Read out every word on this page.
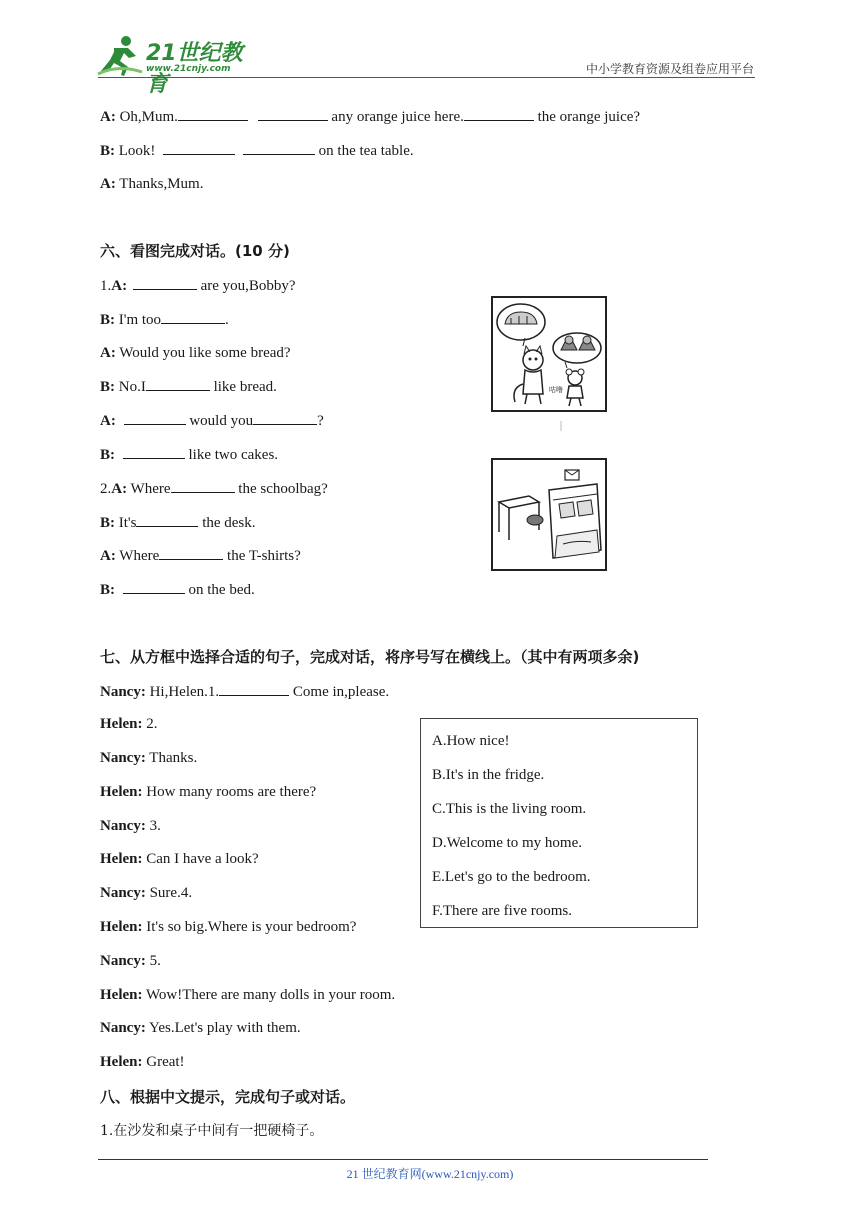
21世纪教育
www.21cnjy.com	中小学教育资源及组卷应用平台
A: Oh,Mum.	any orange juice here.	the orange juice?
B: Look!	on the tea table.
A: Thanks,Mum.
六、看图完成对话。(10 分)
1.A:	are you,Bobby?
B: I'm too	.
A: Would you like some bread?
B: No.I	like bread.
A:	would you	?
B:	like two cakes.
2.A: Where	the schoolbag?
B: It's	the desk.
A: Where	the T-shirts?
B:	on the bed.
咕噜
七、从方框中选择合适的句子，完成对话，将序号写在横线上。（其中有两项多余)
Nancy: Hi,Helen.1.	Come in,please.
Helen: 2.
Nancy: Thanks.
Helen: How many rooms are there?
Nancy: 3.
Helen: Can I have a look?
Nancy: Sure.4.
Helen: It's so big.Where is your bedroom?
Nancy: 5.
Helen: Wow!There are many dolls in your room.
Nancy: Yes.Let's play with them.
Helen: Great!
A.How nice!
B.It's in the fridge.
C.This is the living room.
D.Welcome to my home.
E.Let's go to the bedroom.
F.There are five rooms.
八、根据中文提示，完成句子或对话。
1.在沙发和桌子中间有一把硬椅子。
21 世纪教育网(www.21cnjy.com)
